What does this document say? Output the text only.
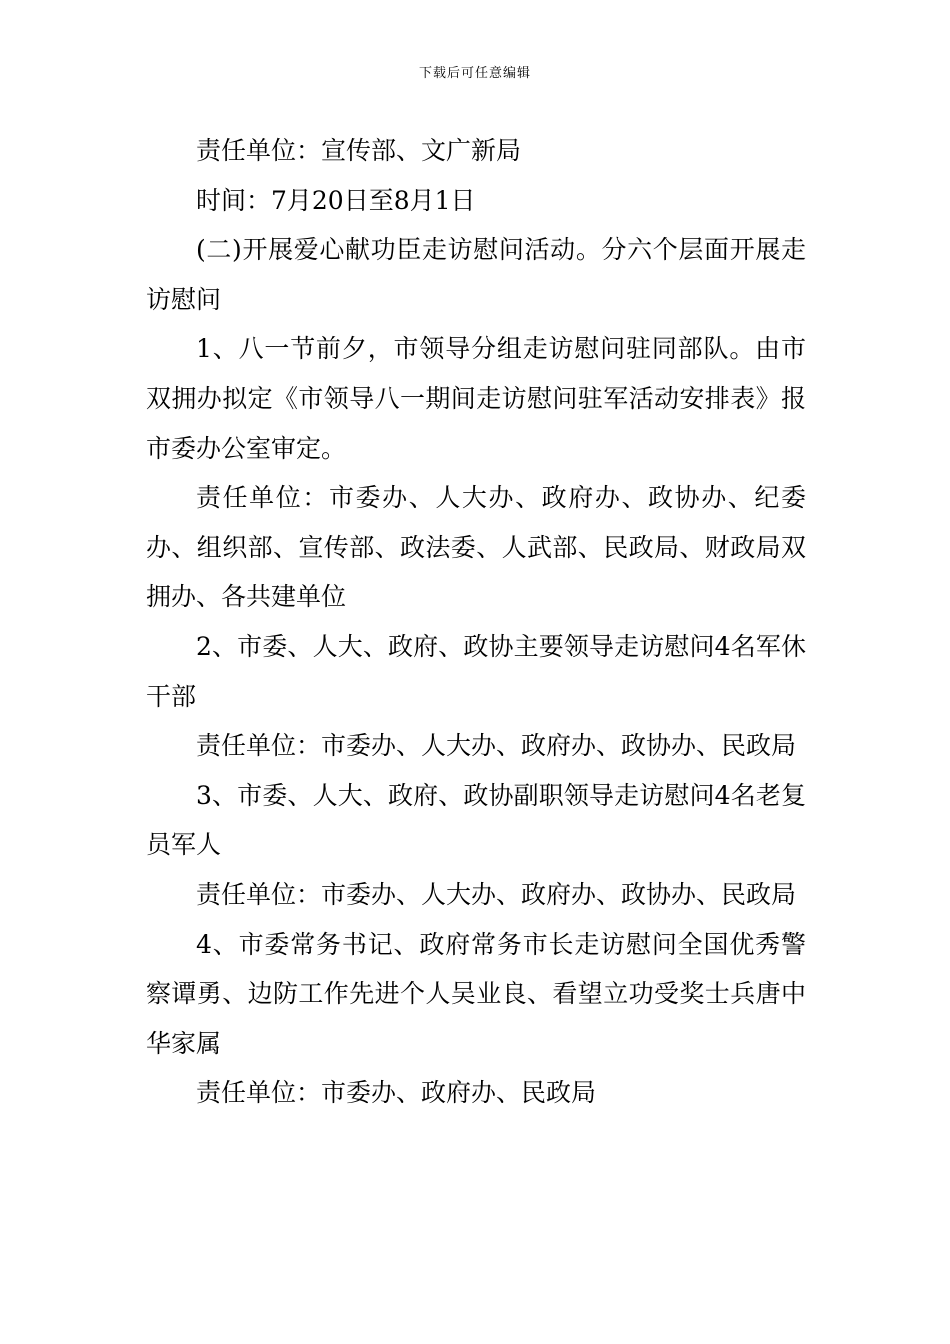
下载后可任意编辑

责任单位：宣传部、文广新局

时间：7月20日至8月1日

(二)开展爱心献功臣走访慰问活动。分六个层面开展走访慰问

1、八一节前夕，市领导分组走访慰问驻同部队。由市双拥办拟定《市领导八一期间走访慰问驻军活动安排表》报市委办公室审定。

责任单位：市委办、人大办、政府办、政协办、纪委办、组织部、宣传部、政法委、人武部、民政局、财政局双拥办、各共建单位

2、市委、人大、政府、政协主要领导走访慰问4名军休干部

责任单位：市委办、人大办、政府办、政协办、民政局

3、市委、人大、政府、政协副职领导走访慰问4名老复员军人

责任单位：市委办、人大办、政府办、政协办、民政局

4、市委常务书记、政府常务市长走访慰问全国优秀警察谭勇、边防工作先进个人吴业良、看望立功受奖士兵唐中华家属

责任单位：市委办、政府办、民政局
